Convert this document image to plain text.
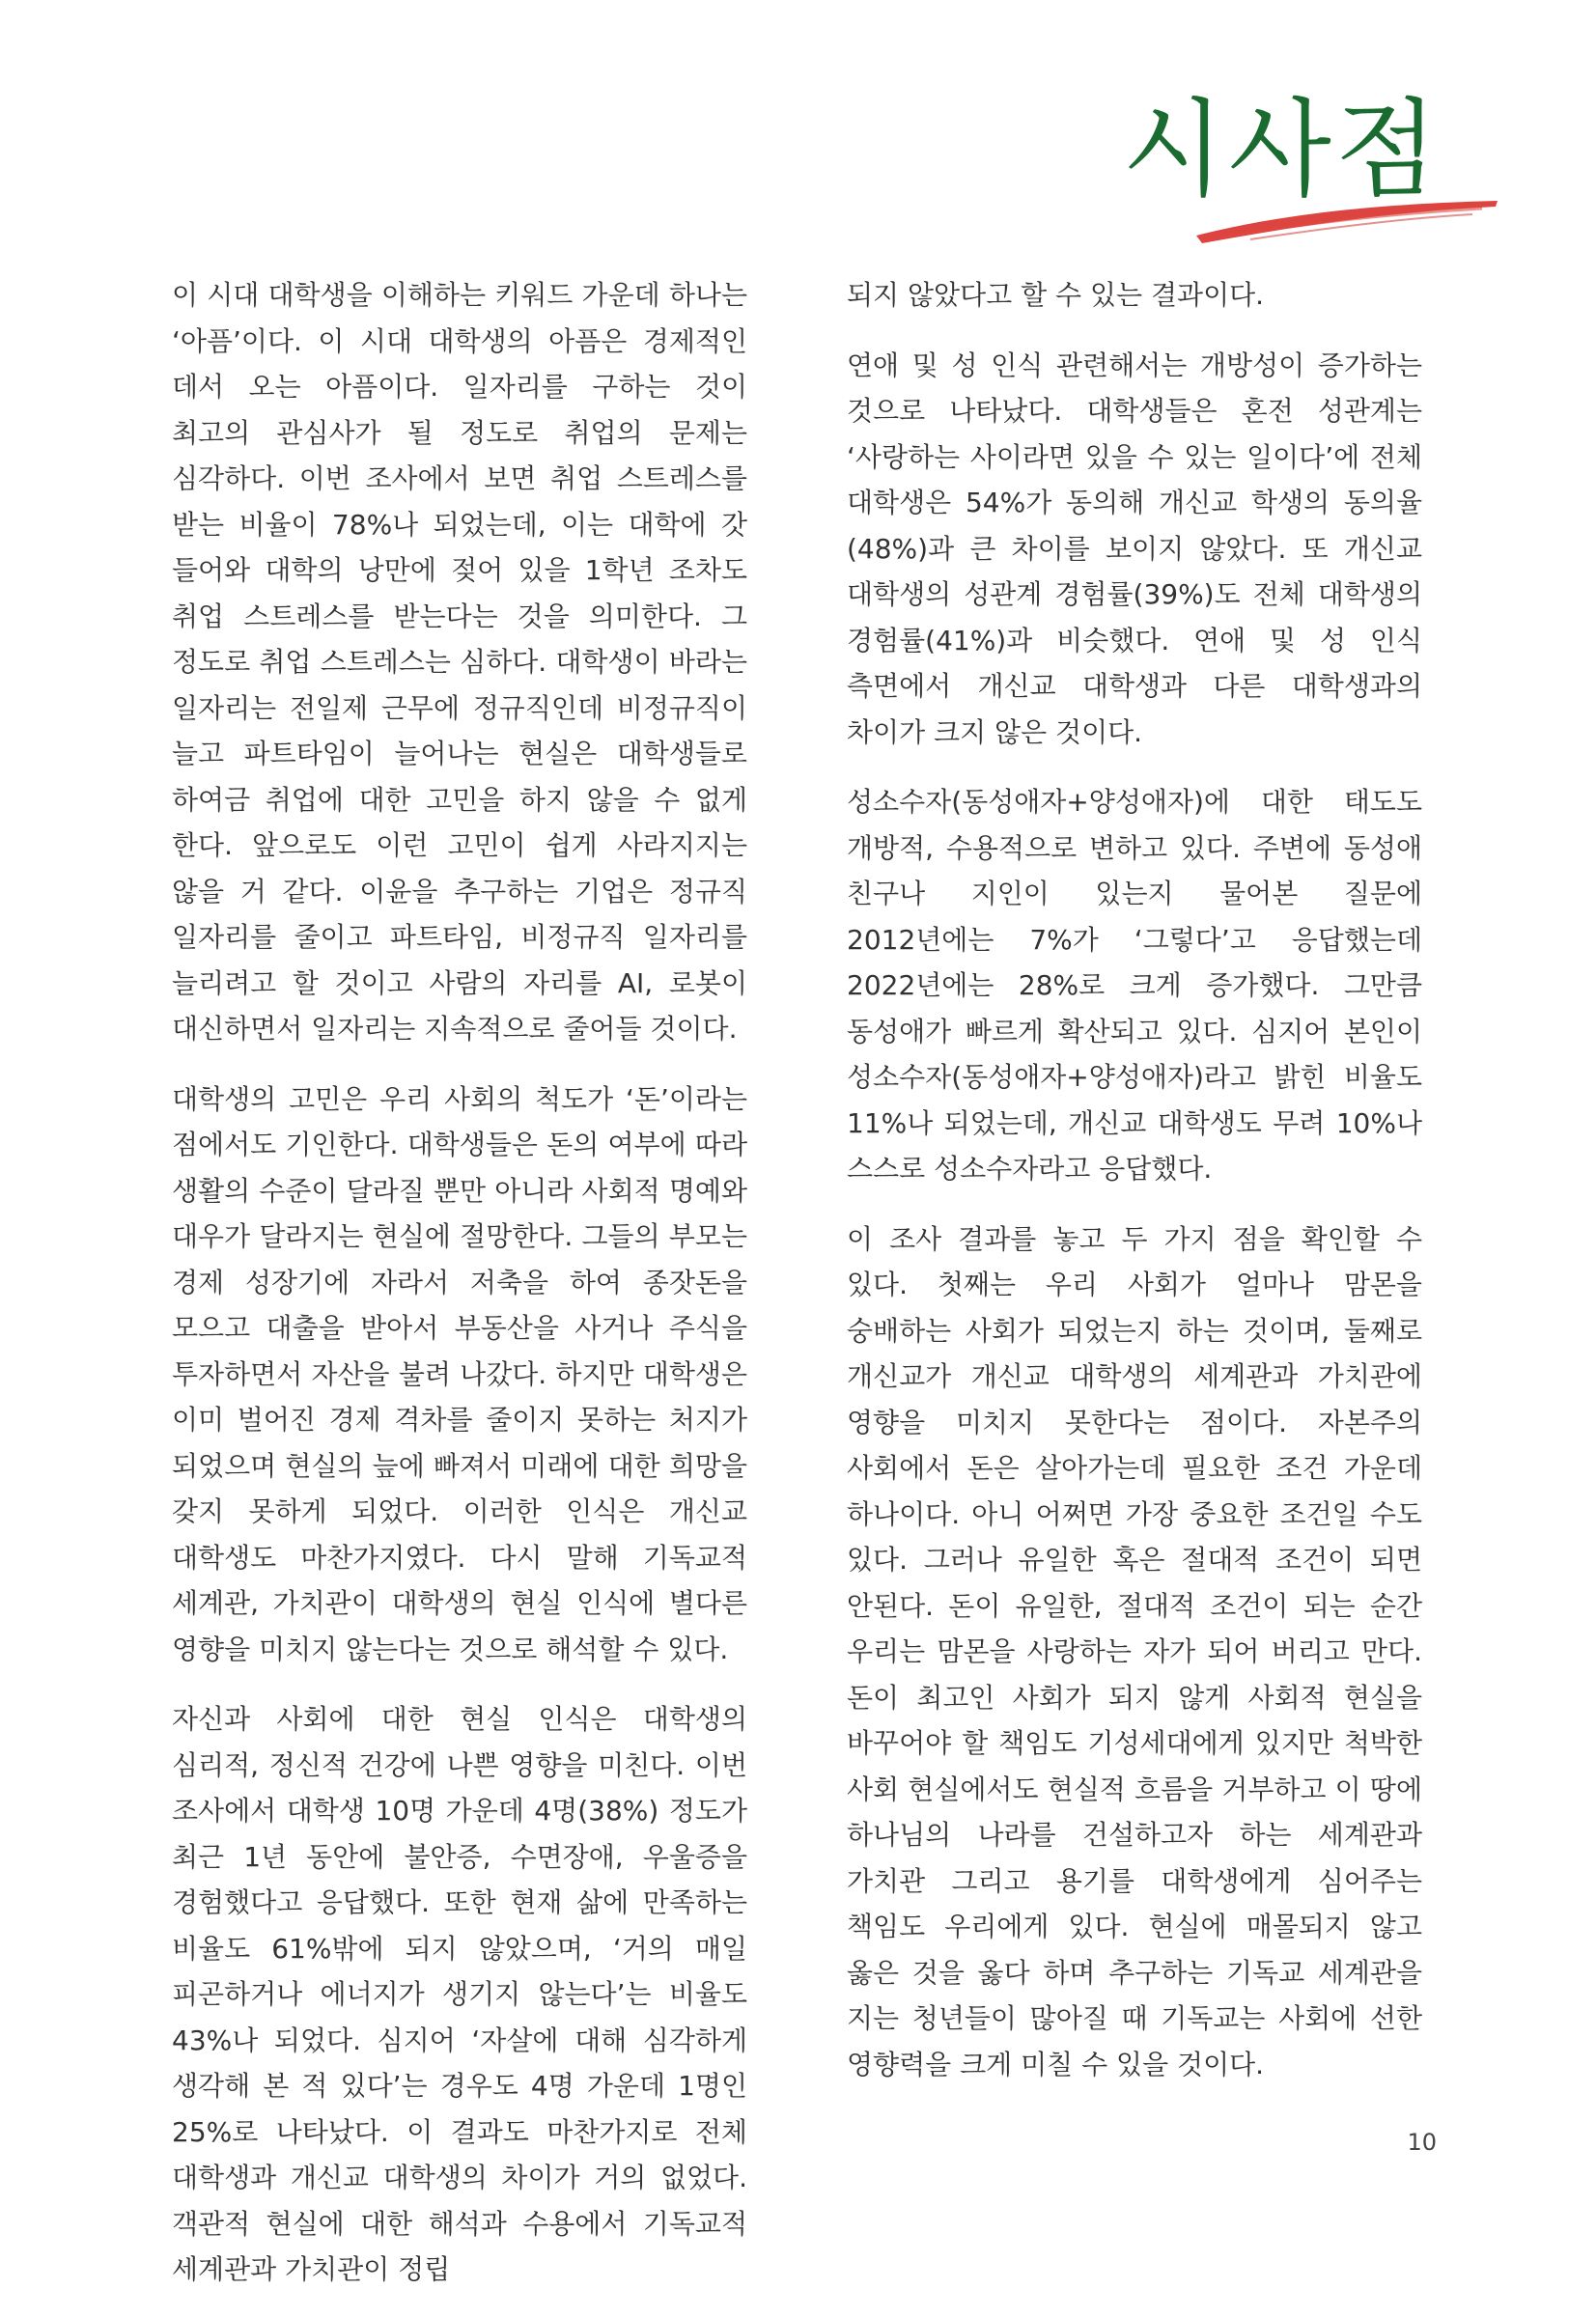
시사점

이 시대 대학생을 이해하는 키워드 가운데 하나는 ‘아픔’이다. 이 시대 대학생의 아픔은 경제적인 데서 오는 아픔이다. 일자리를 구하는 것이 최고의 관심사가 될 정도로 취업의 문제는 심각하다. 이번 조사에서 보면 취업 스트레스를 받는 비율이 78%나 되었는데, 이는 대학에 갓 들어와 대학의 낭만에 젖어 있을 1학년 조차도 취업 스트레스를 받는다는 것을 의미한다. 그 정도로 취업 스트레스는 심하다. 대학생이 바라는 일자리는 전일제 근무에 정규직인데 비정규직이 늘고 파트타임이 늘어나는 현실은 대학생들로 하여금 취업에 대한 고민을 하지 않을 수 없게 한다. 앞으로도 이런 고민이 쉽게 사라지지는 않을 거 같다. 이윤을 추구하는 기업은 정규직 일자리를 줄이고 파트타임, 비정규직 일자리를 늘리려고 할 것이고 사람의 자리를 AI, 로봇이 대신하면서 일자리는 지속적으로 줄어들 것이다.

대학생의 고민은 우리 사회의 척도가 ‘돈’이라는 점에서도 기인한다. 대학생들은 돈의 여부에 따라 생활의 수준이 달라질 뿐만 아니라 사회적 명예와 대우가 달라지는 현실에 절망한다. 그들의 부모는 경제 성장기에 자라서 저축을 하여 종잣돈을 모으고 대출을 받아서 부동산을 사거나 주식을 투자하면서 자산을 불려 나갔다. 하지만 대학생은 이미 벌어진 경제 격차를 줄이지 못하는 처지가 되었으며 현실의 늪에 빠져서 미래에 대한 희망을 갖지 못하게 되었다. 이러한 인식은 개신교 대학생도 마찬가지였다. 다시 말해 기독교적 세계관, 가치관이 대학생의 현실 인식에 별다른 영향을 미치지 않는다는 것으로 해석할 수 있다.

자신과 사회에 대한 현실 인식은 대학생의 심리적, 정신적 건강에 나쁜 영향을 미친다. 이번 조사에서 대학생 10명 가운데 4명(38%) 정도가 최근 1년 동안에 불안증, 수면장애, 우울증을 경험했다고 응답했다. 또한 현재 삶에 만족하는 비율도 61%밖에 되지 않았으며, ‘거의 매일 피곤하거나 에너지가 생기지 않는다’는 비율도 43%나 되었다. 심지어 ‘자살에 대해 심각하게 생각해 본 적 있다’는 경우도 4명 가운데 1명인 25%로 나타났다. 이 결과도 마찬가지로 전체 대학생과 개신교 대학생의 차이가 거의 없었다. 객관적 현실에 대한 해석과 수용에서 기독교적 세계관과 가치관이 정립

되지 않았다고 할 수 있는 결과이다.

연애 및 성 인식 관련해서는 개방성이 증가하는 것으로 나타났다. 대학생들은 혼전 성관계는 ‘사랑하는 사이라면 있을 수 있는 일이다’에 전체 대학생은 54%가 동의해 개신교 학생의 동의율(48%)과 큰 차이를 보이지 않았다. 또 개신교 대학생의 성관계 경험률(39%)도 전체 대학생의 경험률(41%)과 비슷했다. 연애 및 성 인식 측면에서 개신교 대학생과 다른 대학생과의 차이가 크지 않은 것이다.

성소수자(동성애자+양성애자)에 대한 태도도 개방적, 수용적으로 변하고 있다. 주변에 동성애 친구나 지인이 있는지 물어본 질문에 2012년에는 7%가 ‘그렇다’고 응답했는데 2022년에는 28%로 크게 증가했다. 그만큼 동성애가 빠르게 확산되고 있다. 심지어 본인이 성소수자(동성애자+양성애자)라고 밝힌 비율도 11%나 되었는데, 개신교 대학생도 무려 10%나 스스로 성소수자라고 응답했다.

이 조사 결과를 놓고 두 가지 점을 확인할 수 있다. 첫째는 우리 사회가 얼마나 맘몬을 숭배하는 사회가 되었는지 하는 것이며, 둘째로 개신교가 개신교 대학생의 세계관과 가치관에 영향을 미치지 못한다는 점이다. 자본주의 사회에서 돈은 살아가는데 필요한 조건 가운데 하나이다. 아니 어쩌면 가장 중요한 조건일 수도 있다. 그러나 유일한 혹은 절대적 조건이 되면 안된다. 돈이 유일한, 절대적 조건이 되는 순간 우리는 맘몬을 사랑하는 자가 되어 버리고 만다. 돈이 최고인 사회가 되지 않게 사회적 현실을 바꾸어야 할 책임도 기성세대에게 있지만 척박한 사회 현실에서도 현실적 흐름을 거부하고 이 땅에 하나님의 나라를 건설하고자 하는 세계관과 가치관 그리고 용기를 대학생에게 심어주는 책임도 우리에게 있다. 현실에 매몰되지 않고 옳은 것을 옳다 하며 추구하는 기독교 세계관을 지는 청년들이 많아질 때 기독교는 사회에 선한 영향력을 크게 미칠 수 있을 것이다.

10
